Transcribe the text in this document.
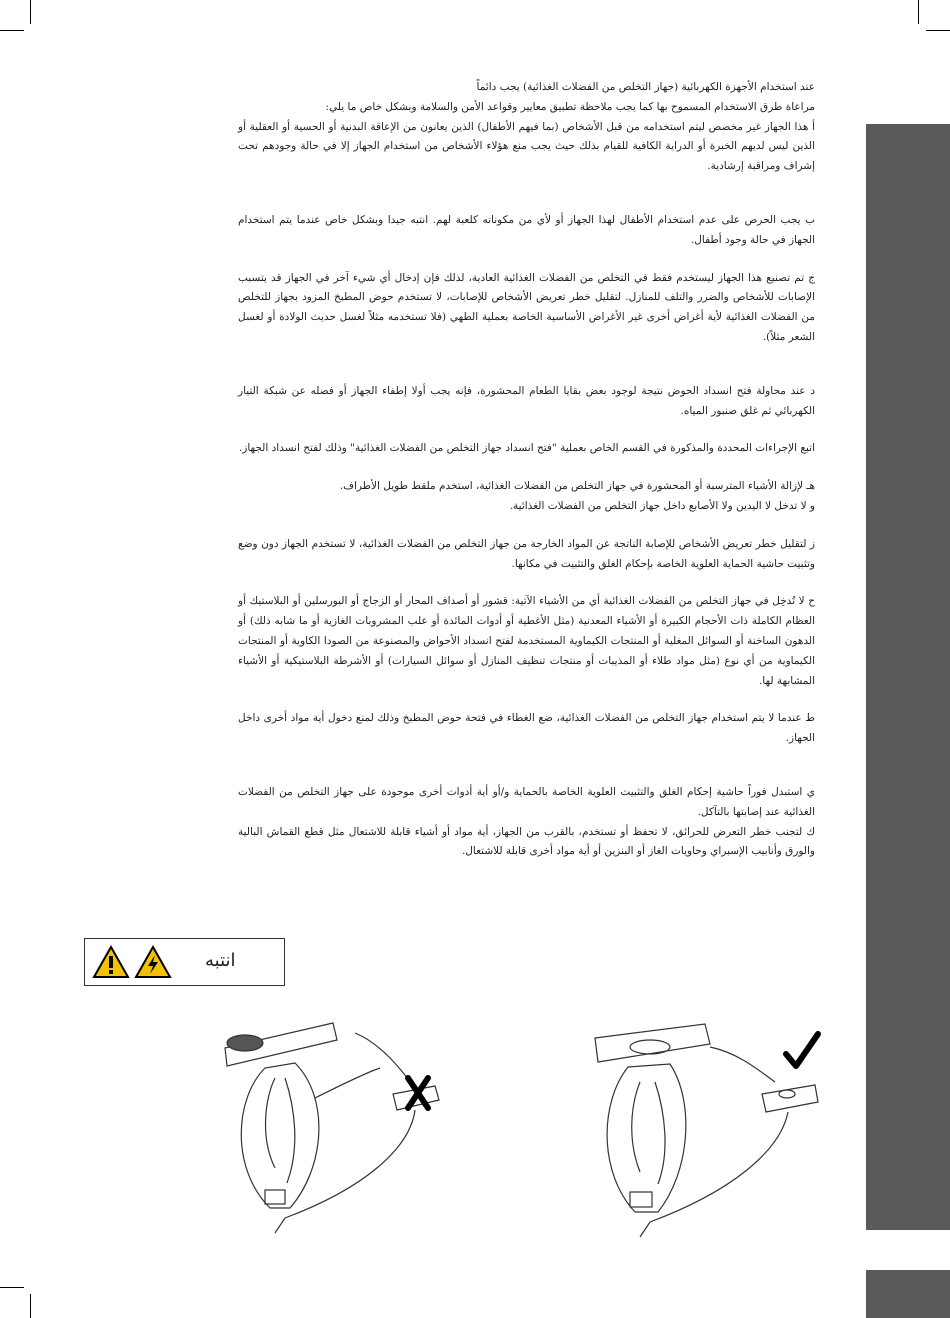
عند استخدام الأجهزة الكهربائية (جهاز التخلص من الفضلات الغذائية) يجب دائماً

مراعاة طرق الاستخدام المسموح بها كما يجب ملاحظة تطبيق معايير وقواعد الأمن والسلامة وبشكل خاص ما يلي:

أ هذا الجهاز غير مخصص ليتم استخدامه من قبل الأشخاص (بما فيهم الأطفال) الذين يعانون من الإعاقة البدنية أو الحسية أو العقلية أو الذين ليس لديهم الخبرة أو الدراية الكافية للقيام بذلك حيث يجب منع هؤلاء الأشخاص من استخدام الجهاز إلا في حالة وجودهم تحت إشراف ومراقبة إرشادية.

ب يجب الحرص على عدم استخدام الأطفال لهذا الجهاز أو لأي من مكوناته كلعبة لهم. انتبه جيدا وبشكل خاص عندما يتم استخدام الجهاز في حالة وجود أطفال.

ج تم تصنيع هذا الجهاز ليستخدم فقط في التخلص من الفضلات الغذائية العادية، لذلك فإن إدخال أي شيء آخر في الجهاز قد يتسبب الإصابات للأشخاص والضرر والتلف للمنازل. لتقليل خطر تعريض الأشخاص للإصابات، لا تستخدم حوض المطبخ المزود بجهاز للتخلص من الفضلات الغذائية لأية أغراض أخرى غير الأغراض الأساسية الخاصة بعملية الطهي (فلا تستخدمه مثلاً لغسل حديث الولادة أو لغسل الشعر مثلاً).

د عند محاولة فتح انسداد الحوض نتيجة لوجود بعض بقايا الطعام المحشورة، فإنه يجب أولا إطفاء الجهاز أو فصله عن شبكة التيار الكهربائي ثم غلق صنبور المياه.

اتبع الإجراءات المحددة والمذكورة في القسم الخاص بعملية "فتح انسداد جهاز التخلص من الفضلات الغذائية" وذلك لفتح انسداد الجهاز.

هـ لإزالة الأشياء المترسبة أو المحشورة في جهاز التخلص من الفضلات الغذائية، استخدم ملقط طويل الأطراف.

و لا تدخل لا اليدين ولا الأصابع داخل جهاز التخلص من الفضلات الغذائية.

ز لتقليل خطر تعريض الأشخاص للإصابة الناتجة عن المواد الخارجة من جهاز التخلص من الفضلات الغذائية، لا تستخدم الجهاز دون وضع وتثبيت حاشية الحماية العلوية الخاصة بإحكام الغلق والتثبيت في مكانها.

ح لا تُدخِل في جهاز التخلص من الفضلات الغذائية أي من الأشياء الآتية: قشور أو أصداف المحار أو الزجاج أو البورسلين أو البلاستيك أو العظام الكاملة ذات الأحجام الكبيرة أو الأشياء المعدنية (مثل الأغطية أو أدوات المائدة أو علب المشروبات الغازية أو ما شابه ذلك) أو الدهون الساخنة أو السوائل المغلية أو المنتجات الكيماوية المستخدمة لفتح انسداد الأحواض والمصنوعة من الصودا الكاوية أو المنتجات الكيماوية من أي نوع (مثل مواد طلاء أو المذيبات أو منتجات تنظيف المنازل أو سوائل السيارات) أو الأشرطة البلاستيكية أو الأشياء المشابهة لها.

ط عندما لا يتم استخدام جهاز التخلص من الفضلات الغذائية، ضع الغطاء في فتحة حوض المطبخ وذلك لمنع دخول أية مواد أخرى داخل الجهاز.

ي استبدل فوراً حاشية إحكام الغلق والتثبيت العلوية الخاصة بالحماية و/أو أية أدوات أخرى موجودة على جهاز التخلص من الفضلات الغذائية عند إصابتها بالتآكل.

ك لتجنب خطر التعرض للحرائق، لا تحفظ أو تستخدم، بالقرب من الجهاز، أية مواد أو أشياء قابلة للاشتعال مثل قطع القماش البالية والورق وأنابيب الإسبراي وحاويات الغاز أو البنزين أو أية مواد أخرى قابلة للاشتعال.

انتبه
